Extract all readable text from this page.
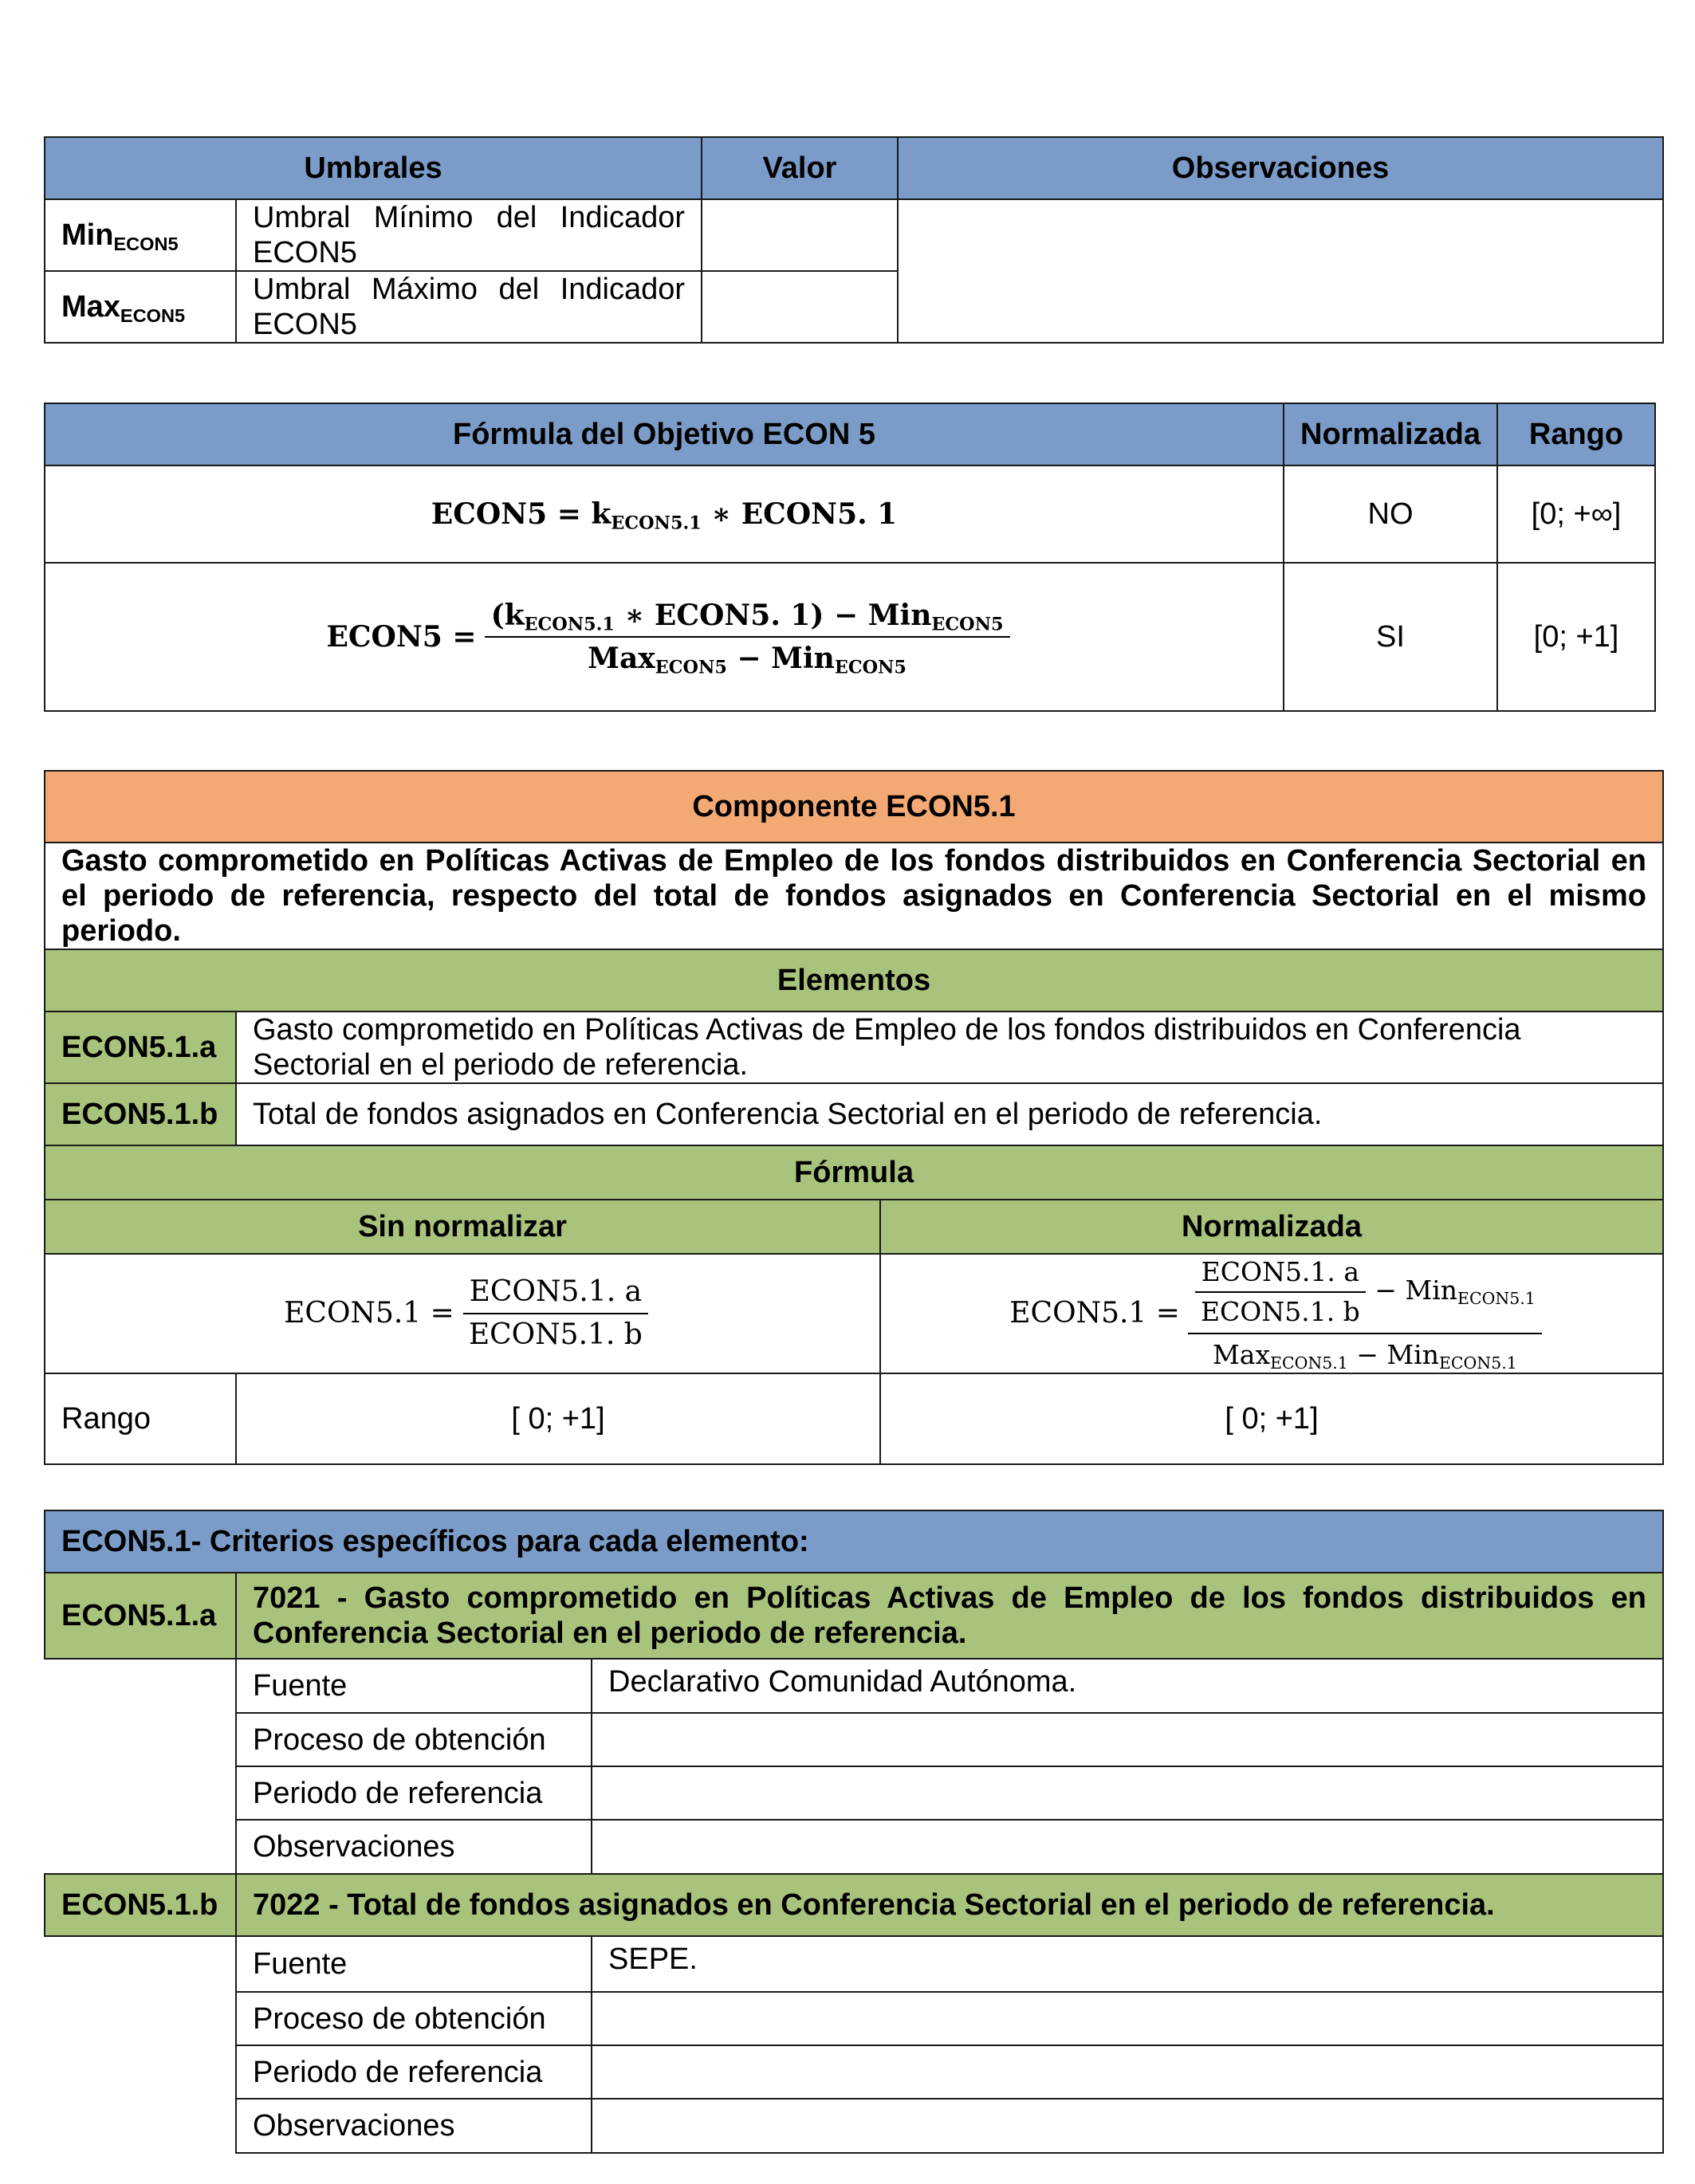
Umbrales		Valor	Observaciones
Min$_{ECON5}$	Umbral Mínimo del Indicador
ECON5		

Max$_{ECON5}$	Umbral Máximo del Indicador
ECON5		

Fórmula del Objetivo ECON 5	Normalizada	Rango
ECON5 = $k_{ECON5.1}$ ∗ ECON5. 1	NO	[0; +∞]
ECON5 = $\frac{(k_{ECON5.1} ∗ ECON5. 1) - Min_{ECON5}}{Max_{ECON5} - Min_{ECON5}}$	SI	[0; +1]
Componente ECON5.1		
Gasto comprometido en Políticas Activas de Empleo de los fondos distribuidos en Conferencia Sectorial en el periodo de referencia, respecto del total de fondos asignados en Conferencia Sectorial en el mismo periodo.		
Elementos		
ECON5.1.a	Gasto comprometido en Políticas Activas de Empleo de los fondos distribuidos en Conferencia Sectorial en el periodo de referencia.	
ECON5.1.b	Total de fondos asignados en Conferencia Sectorial en el periodo de referencia.	
Fórmula		
Sin normalizar		Normalizada
ECON5.1 = $\frac{\text{ECON5.1. a}}{\text{ECON5.1. b}}$		ECON5.1 = $\frac{\frac{\text{ECON5.1. a}}{\text{ECON5.1. b}} - Min_{ECON5.1}}{Max_{ECON5.1} - Min_{ECON5.1}}$

Rango	[ 0; +1]	[ 0; +1]
ECON5.1- Criterios específicos para cada elemento:
ECON5.1.a	7021 - Gasto comprometido en Políticas Activas de Empleo de los fondos distribuidos en Conferencia Sectorial en el periodo de referencia.
Fuente	Declarativo Comunidad Autónoma.
Proceso de obtención	
Periodo de referencia	
Observaciones	
ECON5.1.b	7022 - Total de fondos asignados en Conferencia Sectorial en el periodo de referencia.
Fuente	SEPE.
Proceso de obtención	
Periodo de referencia	
Observaciones	
